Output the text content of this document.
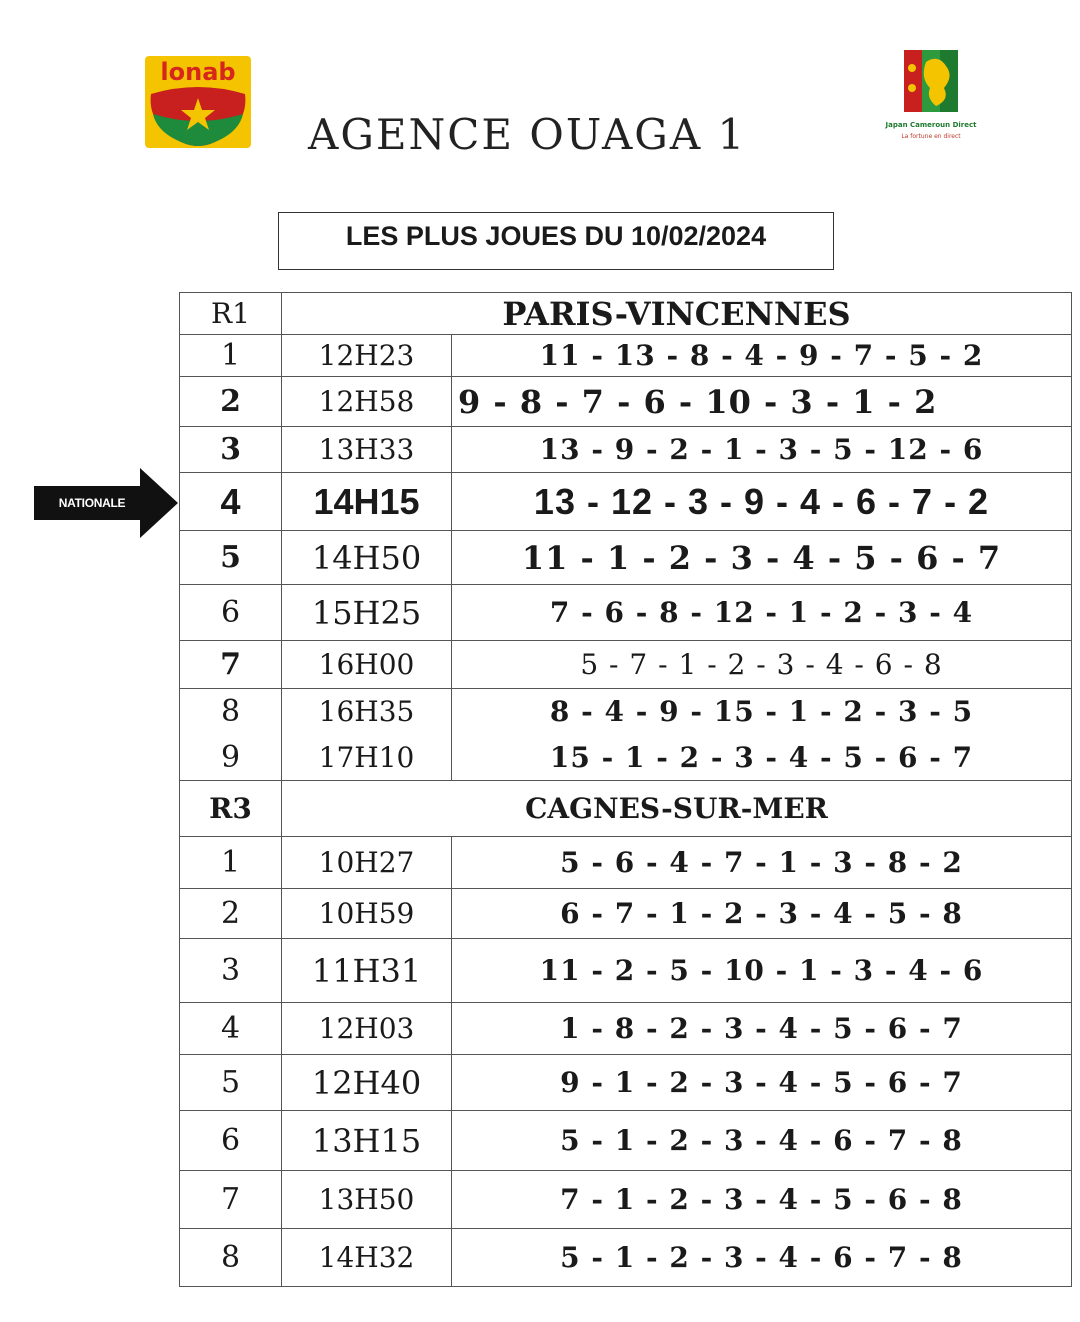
lonab
Japan Cameroun Direct
La fortune en direct
AGENCE OUAGA 1
LES PLUS JOUES DU 10/02/2024
NATIONALE
R1	PARIS-VINCENNES	
1	12H23	11 - 13 - 8 - 4 - 9 - 7 - 5 - 2
2	12H58	9 - 8 - 7 - 6 - 10 - 3 - 1 - 2
3	13H33	13 - 9 - 2 - 1 - 3 - 5 - 12 - 6
4	14H15	13 - 12 - 3 - 9 - 4 - 6 - 7 - 2
5	14H50	11 - 1 - 2 - 3 - 4 - 5 - 6 - 7
6	15H25	7 - 6 - 8 - 12 - 1 - 2 - 3 - 4
7	16H00	5 - 7 - 1 - 2 - 3 - 4 - 6 - 8
8	16H35	8 - 4 - 9 - 15 - 1 - 2 - 3 - 5
9	17H10	15 - 1 - 2 - 3 - 4 - 5 - 6 - 7
R3	CAGNES-SUR-MER	
1	10H27	5 - 6 - 4 - 7 - 1 - 3 - 8 - 2
2	10H59	6 - 7 - 1 - 2 - 3 - 4 - 5 - 8
3	11H31	11 - 2 - 5 - 10 - 1 - 3 - 4 - 6
4	12H03	1 - 8 - 2 - 3 - 4 - 5 - 6 - 7
5	12H40	9 - 1 - 2 - 3 - 4 - 5 - 6 - 7
6	13H15	5 - 1 - 2 - 3 - 4 - 6 - 7 - 8
7	13H50	7 - 1 - 2 - 3 - 4 - 5 - 6 - 8
8	14H32	5 - 1 - 2 - 3 - 4 - 6 - 7 - 8
